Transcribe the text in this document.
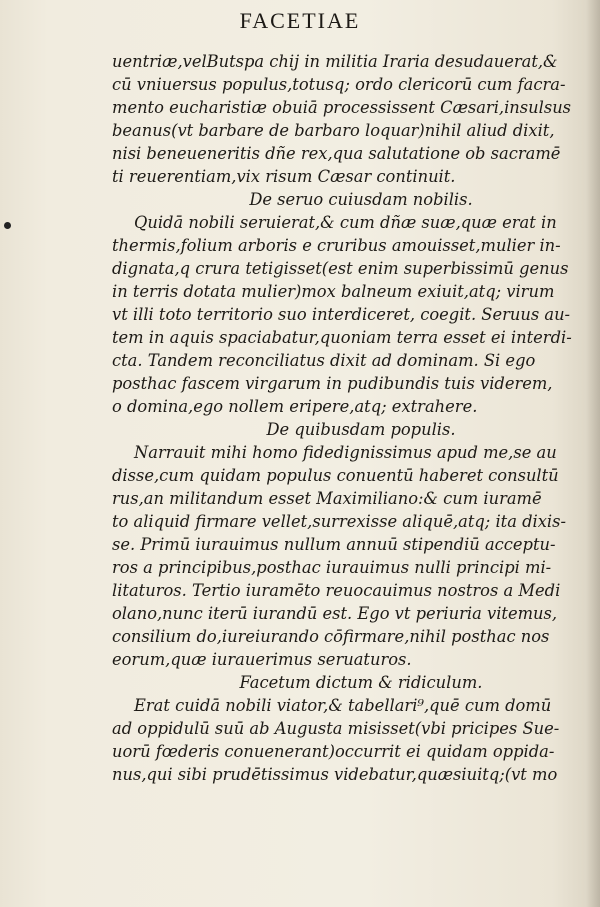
FACETIAE
uentriæ,velButspa chij in militia Iraria desudauerat,&
cū vniuersus populus,totusq; ordo clericorū cum facra-
mento eucharistiæ obuiā processissent Cæsari,insulsus
beanus(vt barbare de barbaro loquar)nihil aliud dixit,
nisi beneueneritis dñe rex,qua salutatione ob sacramē
ti reuerentiam,vix risum Cæsar continuit.
De seruo cuiusdam nobilis.
Quidā nobili seruierat,& cum dñæ suæ,quæ erat in
thermis,folium arboris e cruribus amouisset,mulier in-
dignata,q crura tetigisset(est enim superbissimū genus
in terris dotata mulier)mox balneum exiuit,atq; virum
vt illi toto territorio suo interdiceret, coegit. Seruus au-
tem in aquis spaciabatur,quoniam terra esset ei interdi-
cta. Tandem reconciliatus dixit ad dominam. Si ego
posthac fascem virgarum in pudibundis tuis viderem,
o domina,ego nollem eripere,atq; extrahere.
De quibusdam populis.
Narrauit mihi homo fidedignissimus apud me,se au
disse,cum quidam populus conuentū haberet consultū
rus,an militandum esset Maximiliano:& cum iuramē
to aliquid firmare vellet,surrexisse aliquē,atq; ita dixis-
se. Primū iurauimus nullum annuū stipendiū acceptu-
ros a principibus,posthac iurauimus nulli principi mi-
litaturos. Tertio iuramēto reuocauimus nostros a Medi
olano,nunc iterū iurandū est. Ego vt periuria vitemus,
consilium do,iureiurando cōfirmare,nihil posthac nos
eorum,quæ iurauerimus seruaturos.
Facetum dictum & ridiculum.
Erat cuidā nobili viator,& tabellari⁹,quē cum domū
ad oppidulū suū ab Augusta misisset(vbi pricipes Sue-
uorū fœderis conuenerant)occurrit ei quidam oppida-
nus,qui sibi prudētissimus videbatur,quæsiuitq;(vt mo
